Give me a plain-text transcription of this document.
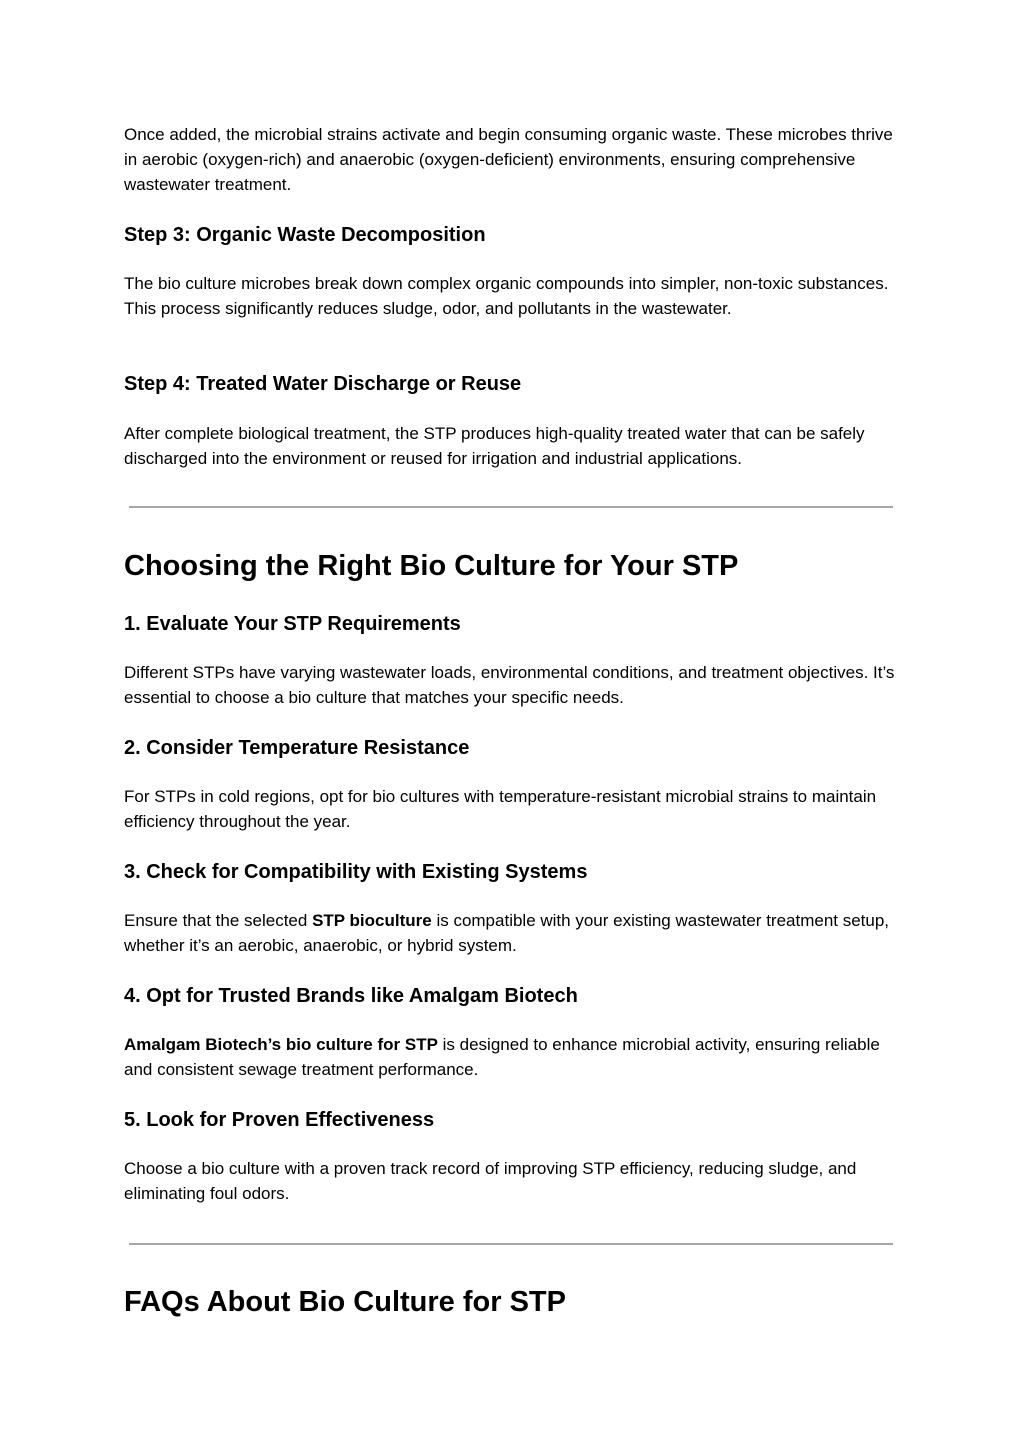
Once added, the microbial strains activate and begin consuming organic waste. These microbes thrive in aerobic (oxygen-rich) and anaerobic (oxygen-deficient) environments, ensuring comprehensive wastewater treatment.

Step 3: Organic Waste Decomposition

The bio culture microbes break down complex organic compounds into simpler, non-toxic substances. This process significantly reduces sludge, odor, and pollutants in the wastewater.

Step 4: Treated Water Discharge or Reuse

After complete biological treatment, the STP produces high-quality treated water that can be safely discharged into the environment or reused for irrigation and industrial applications.

Choosing the Right Bio Culture for Your STP
1. Evaluate Your STP Requirements

Different STPs have varying wastewater loads, environmental conditions, and treatment objectives. It’s essential to choose a bio culture that matches your specific needs.

2. Consider Temperature Resistance

For STPs in cold regions, opt for bio cultures with temperature-resistant microbial strains to maintain efficiency throughout the year.

3. Check for Compatibility with Existing Systems

Ensure that the selected STP bioculture is compatible with your existing wastewater treatment setup, whether it’s an aerobic, anaerobic, or hybrid system.

4. Opt for Trusted Brands like Amalgam Biotech

Amalgam Biotech’s bio culture for STP is designed to enhance microbial activity, ensuring reliable and consistent sewage treatment performance.

5. Look for Proven Effectiveness

Choose a bio culture with a proven track record of improving STP efficiency, reducing sludge, and eliminating foul odors.

FAQs About Bio Culture for STP
